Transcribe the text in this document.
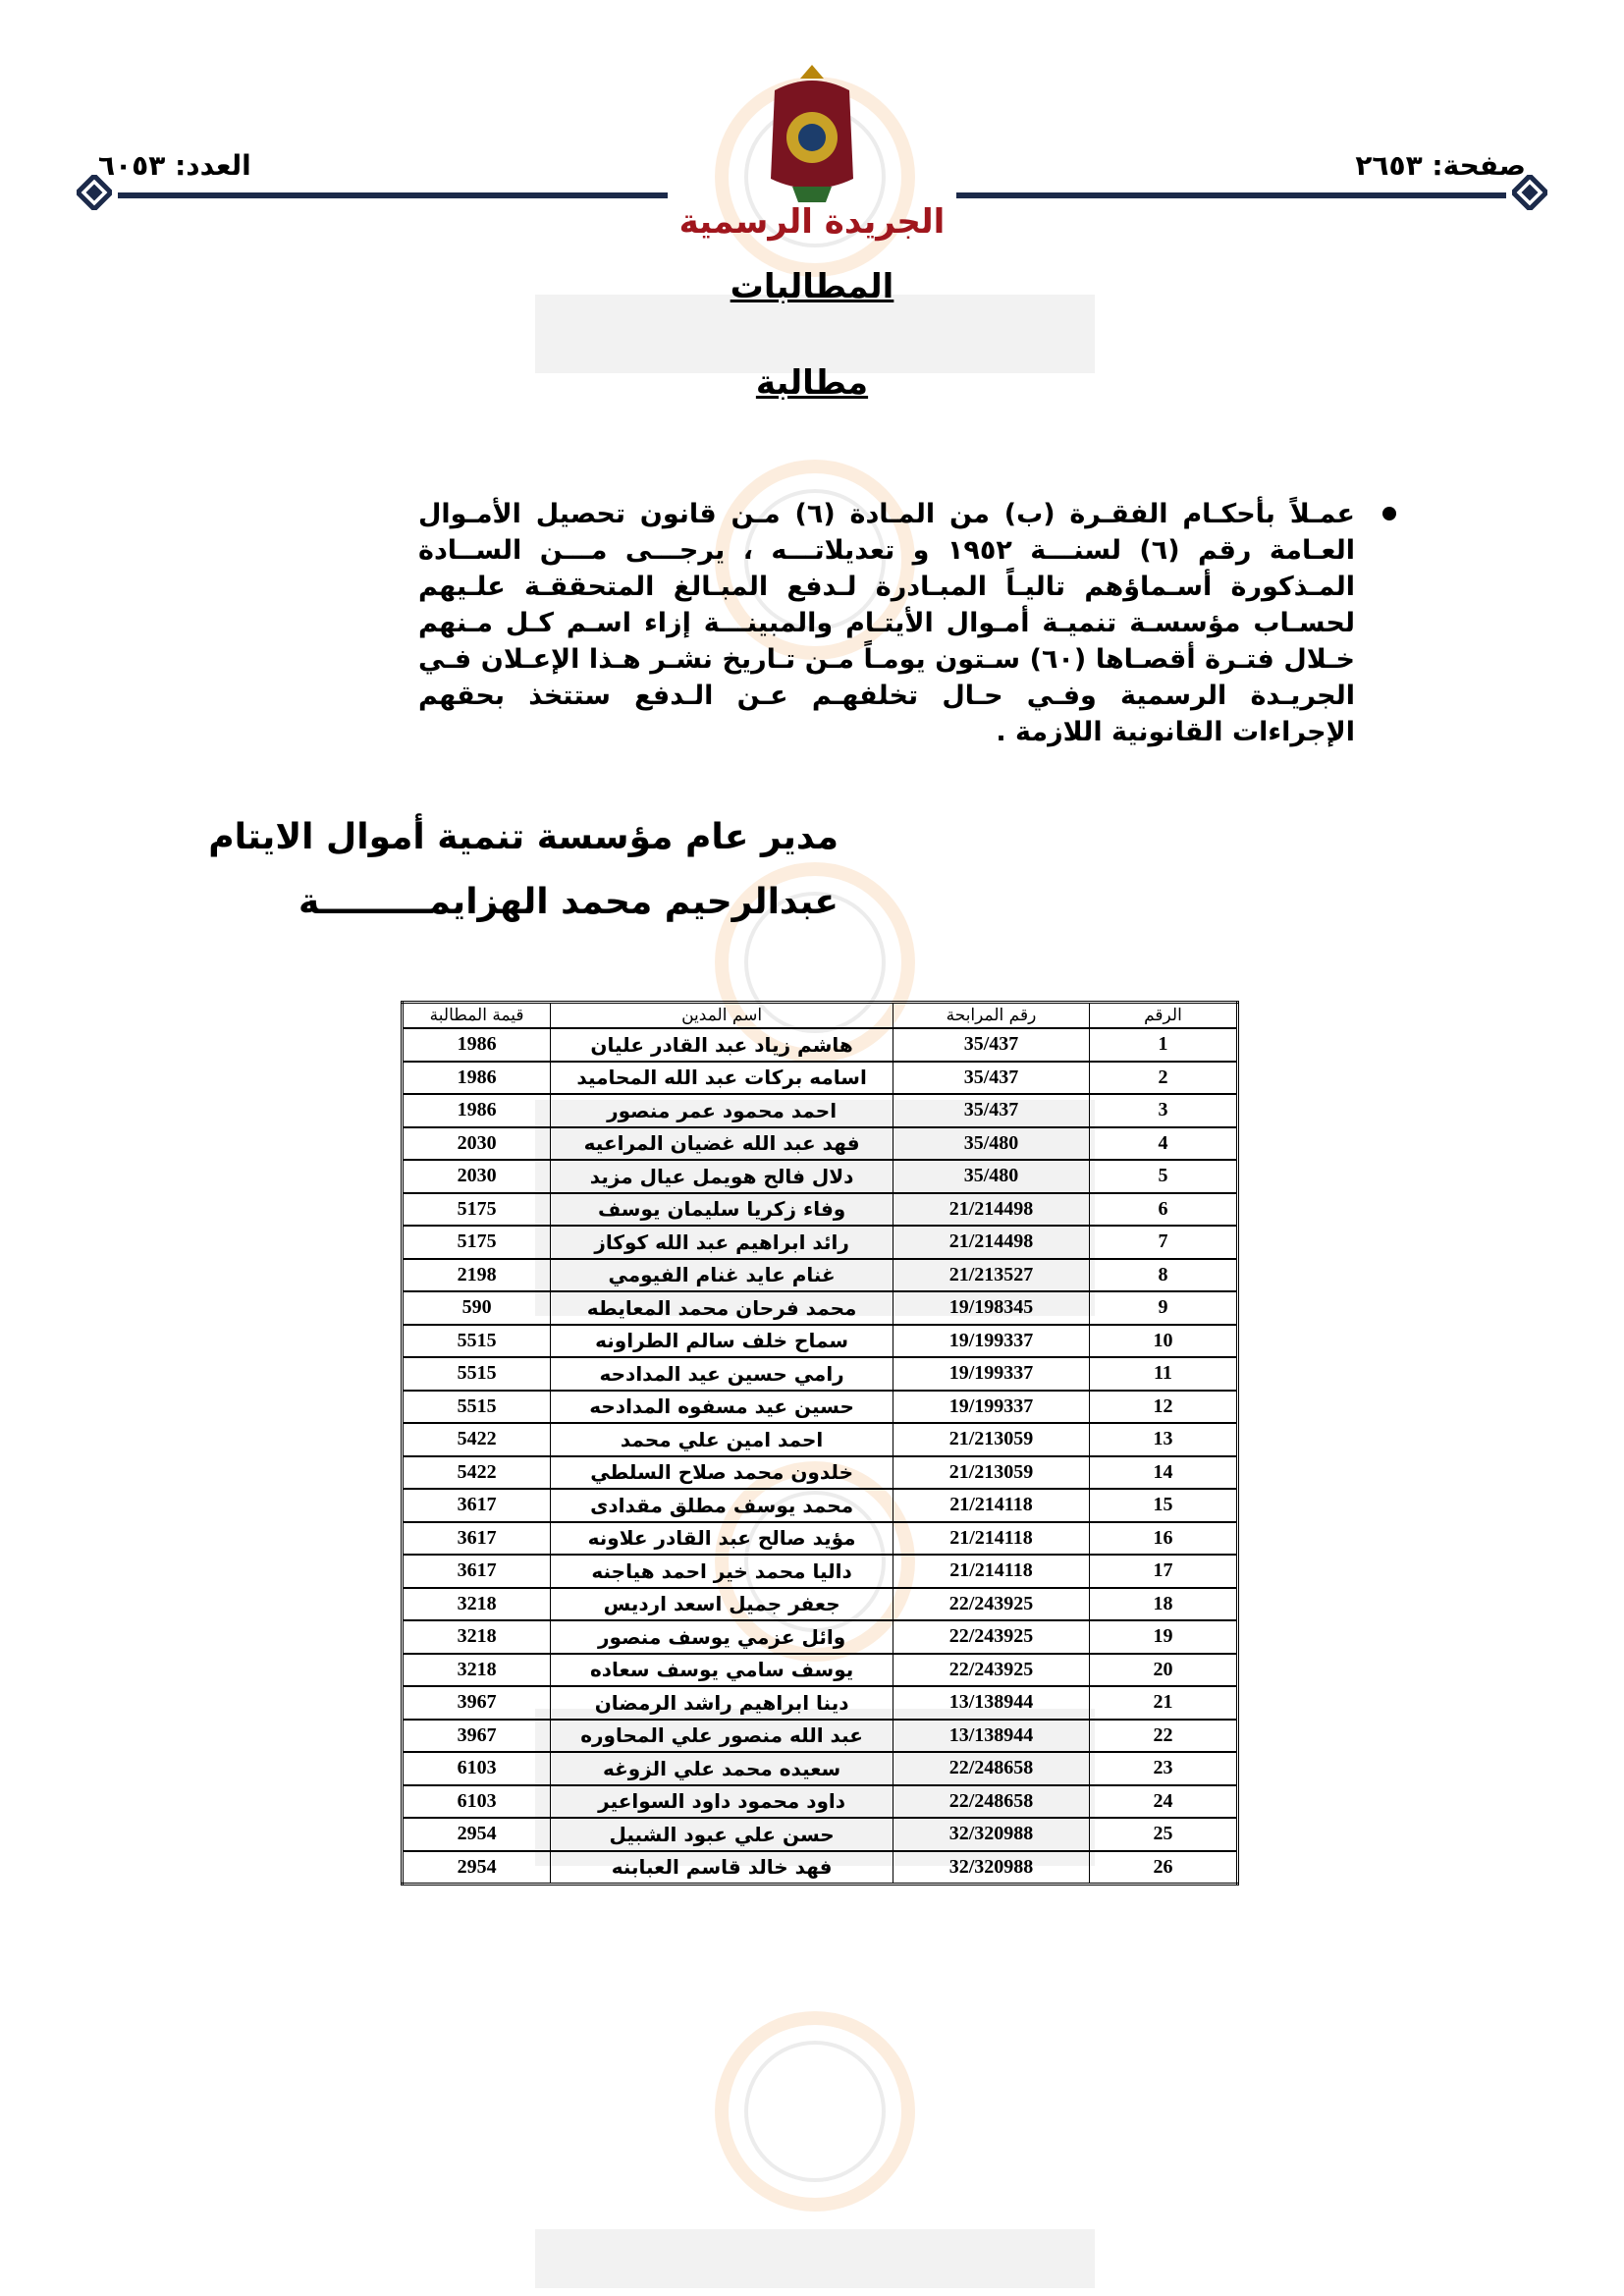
صفحة: ٢٦٥٣
العدد: ٦٠٥٣
الجريدة الرسمية
المطالبات
مطالبة
عمـلاً بأحكـام الفقـرة (ب) من المـادة (٦) مـن قانون تحصيل الأمـوال العـامة رقم (٦) لسنـــة ١٩٥٢ و تعديلاتـــه ، يرجـــى مـــن الســادة المـذكورة أسـماؤهم تاليـاً المبـادرة لـدفع المبـالغ المتحققـة علـيهم لحسـاب مؤسسـة تنميـة أمـوال الأيتـام والمبينـــة إزاء اسـم كـل مـنهم خـلال فتـرة أقصـاها (٦٠) سـتون يومـاً مـن تـاريخ نشـر هـذا الإعـلان فـي الجريـدة الرسمية وفـي حـال تخلفهـم عـن الـدفع ستتخذ بحقهم الإجراءات القانونية اللازمة .
مدير عام مؤسسة تنمية أموال الايتام
عبدالرحيم محمد الهزايمـــــــــة
الرقم	رقم المرابحة	اسم المدين	قيمة المطالبة
1	35/437	هاشم زياد عبد القادر عليان	1986
2	35/437	اسامه بركات عبد الله المحاميد	1986
3	35/437	احمد محمود عمر منصور	1986
4	35/480	فهد عبد الله غضيان المراعيه	2030
5	35/480	دلال فالح هويمل عيال مزيد	2030
6	21/214498	وفاء زكريا سليمان يوسف	5175
7	21/214498	رائد ابراهيم عبد الله كوكاز	5175
8	21/213527	غنام عايد غنام الفيومي	2198
9	19/198345	محمد فرحان محمد المعايطه	590
10	19/199337	سماح خلف سالم الطراونه	5515
11	19/199337	رامي حسين عيد المدادحه	5515
12	19/199337	حسين عيد مسفوه المدادحه	5515
13	21/213059	احمد امين علي محمد	5422
14	21/213059	خلدون محمد صلاح السلطي	5422
15	21/214118	محمد يوسف مطلق مقدادى	3617
16	21/214118	مؤيد صالح عبد القادر علاونه	3617
17	21/214118	داليا محمد خير احمد هياجنه	3617
18	22/243925	جعفر جميل اسعد ارديس	3218
19	22/243925	وائل عزمي يوسف منصور	3218
20	22/243925	يوسف سامي يوسف سعاده	3218
21	13/138944	دينا ابراهيم راشد الرمضان	3967
22	13/138944	عبد الله منصور علي المحاوره	3967
23	22/248658	سعيده محمد علي الزوغه	6103
24	22/248658	داود محمود داود السواعير	6103
25	32/320988	حسن علي عبود الشبيل	2954
26	32/320988	فهد خالد قاسم العبابنه	2954
